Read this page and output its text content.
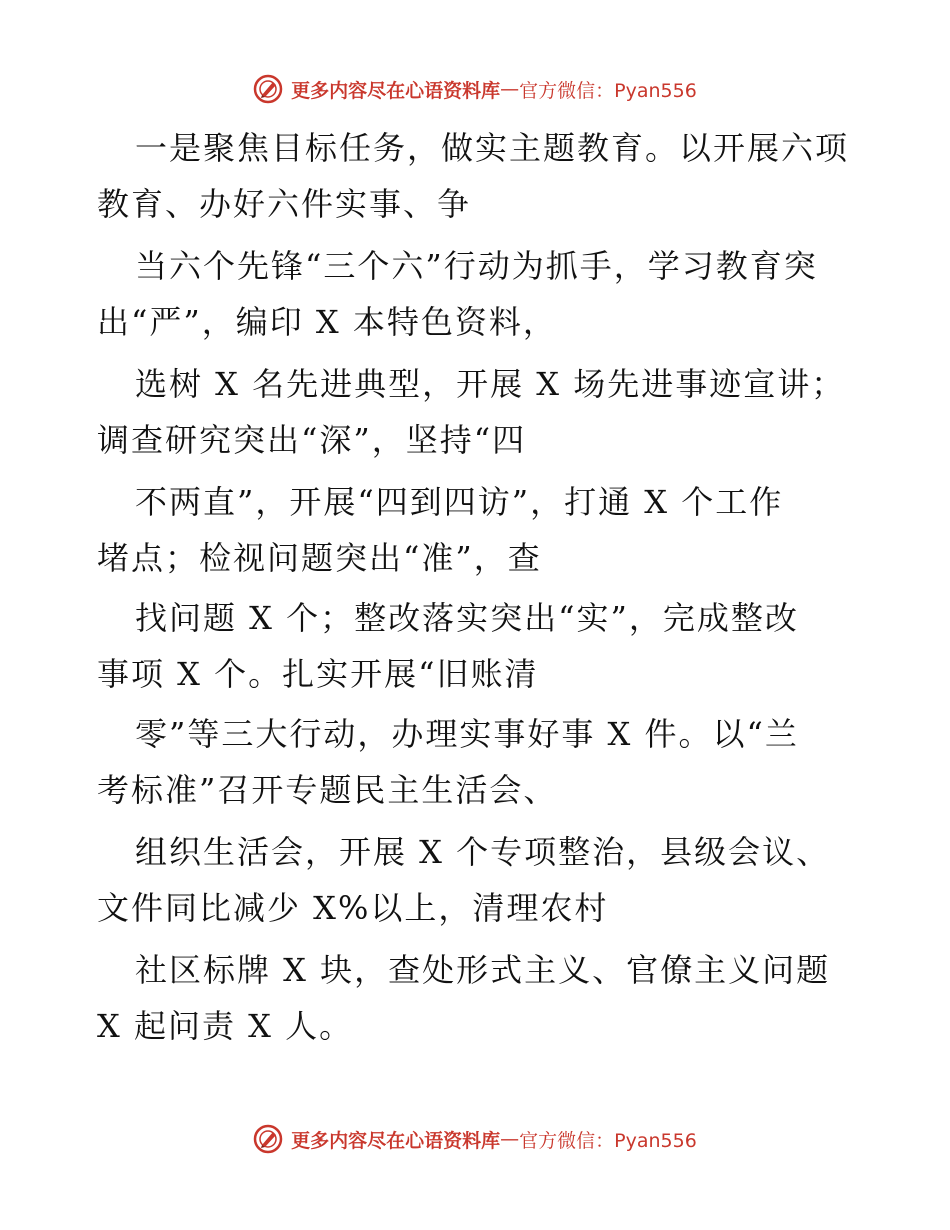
更多内容尽在心语资料库 — 官方微信：Pyan556
一是聚焦目标任务，做实主题教育。以开展六项
教育、办好六件实事、争
当六个先锋“三个六”行动为抓手，学习教育突
出“严”，编印 X 本特色资料，
选树 X 名先进典型，开展 X 场先进事迹宣讲；
调查研究突出“深”，坚持“四
不两直”，开展“四到四访”，打通 X 个工作
堵点；检视问题突出“准”，查
找问题 X 个；整改落实突出“实”，完成整改
事项 X 个。扎实开展“旧账清
零”等三大行动，办理实事好事 X 件。以“兰
考标准”召开专题民主生活会、
组织生活会，开展 X 个专项整治，县级会议、
文件同比减少 X%以上，清理农村
社区标牌 X 块，查处形式主义、官僚主义问题
X 起问责 X 人。
更多内容尽在心语资料库 — 官方微信：Pyan556
